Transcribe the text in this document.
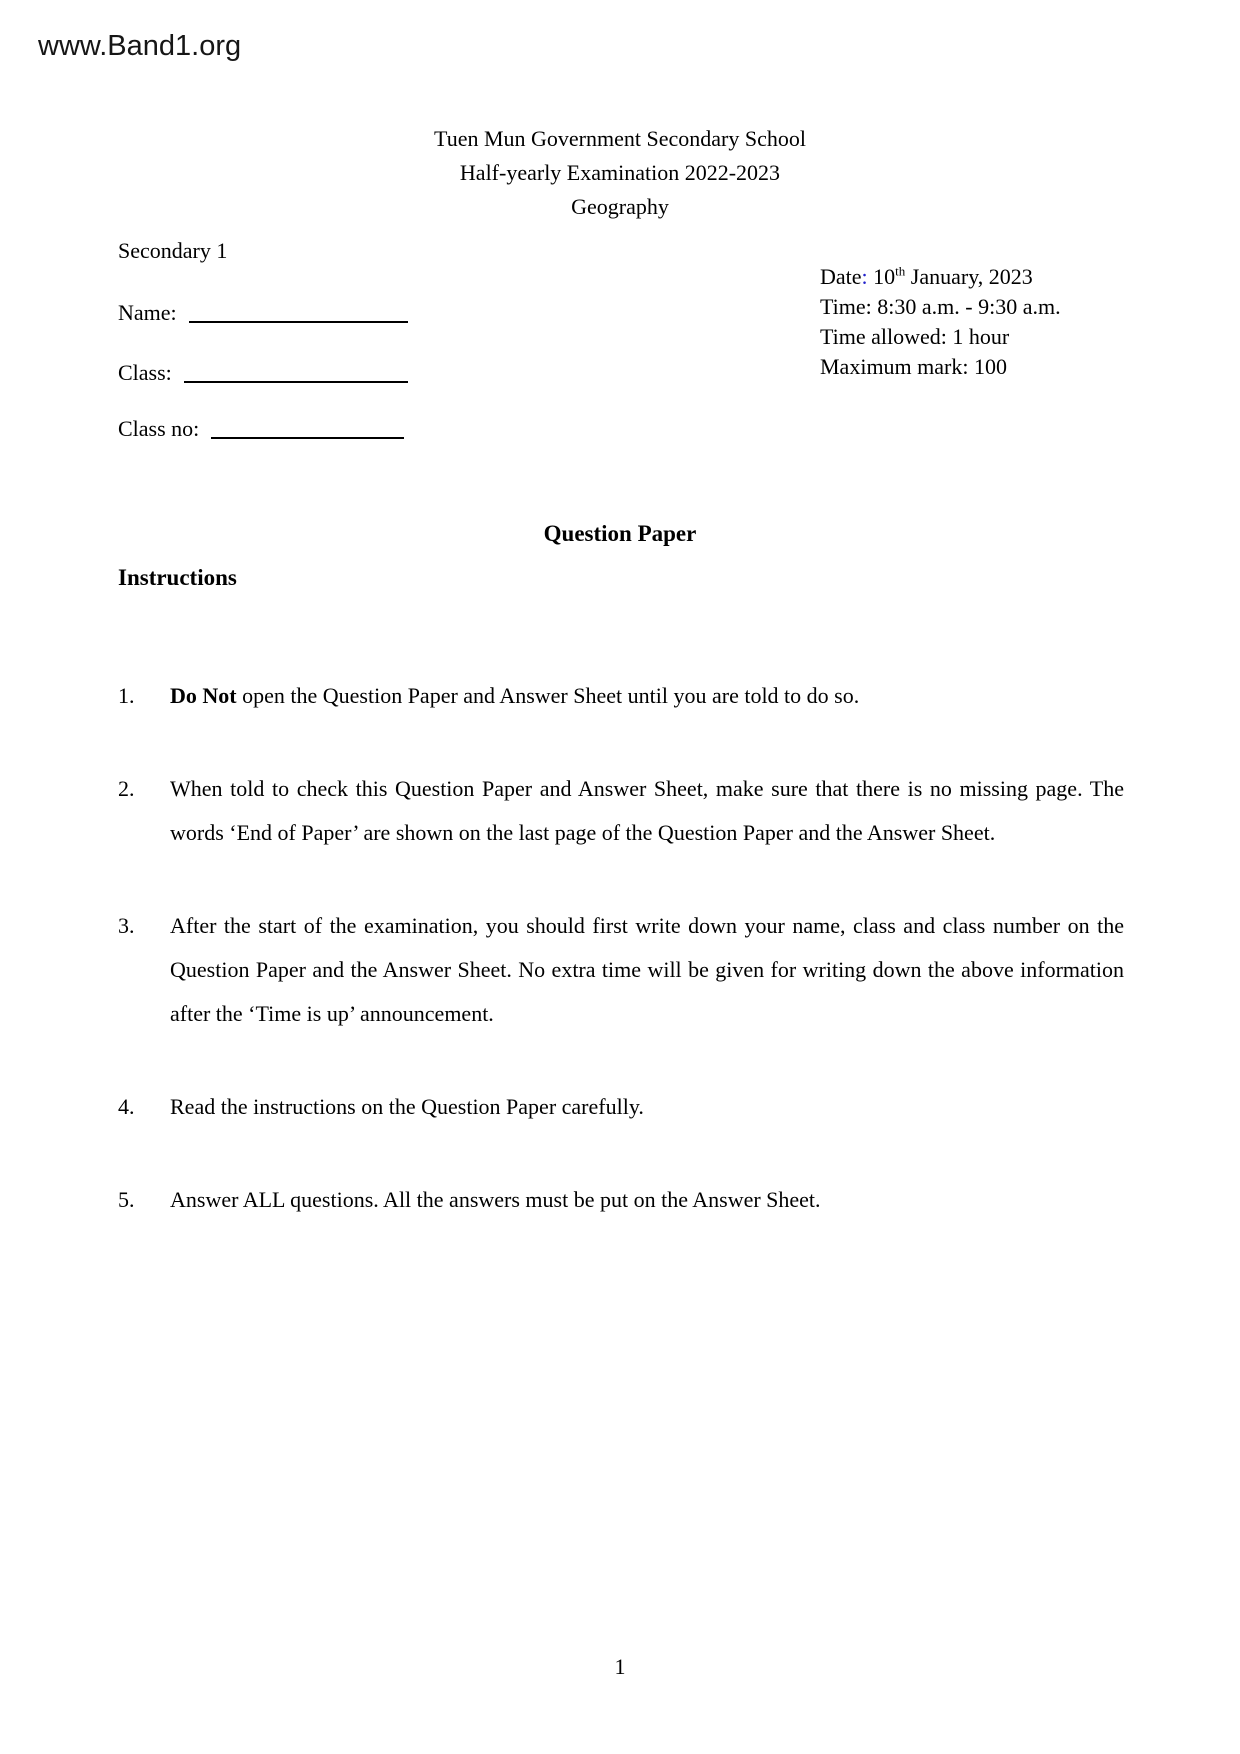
www.Band1.org
Tuen Mun Government Secondary School
Half-yearly Examination 2022-2023
Geography
Secondary 1
Name:
Class:
Class no:
Date: 10th January, 2023
Time: 8:30 a.m. - 9:30 a.m.
Time allowed: 1 hour
Maximum mark: 100
Question Paper
Instructions
1.	Do Not open the Question Paper and Answer Sheet until you are told to do so.
2.	When told to check this Question Paper and Answer Sheet, make sure that there is no missing page. The words ‘End of Paper’ are shown on the last page of the Question Paper and the Answer Sheet.
3.	After the start of the examination, you should first write down your name, class and class number on the Question Paper and the Answer Sheet. No extra time will be given for writing down the above information after the ‘Time is up’ announcement.
4.	Read the instructions on the Question Paper carefully.
5.	Answer ALL questions. All the answers must be put on the Answer Sheet.
1
